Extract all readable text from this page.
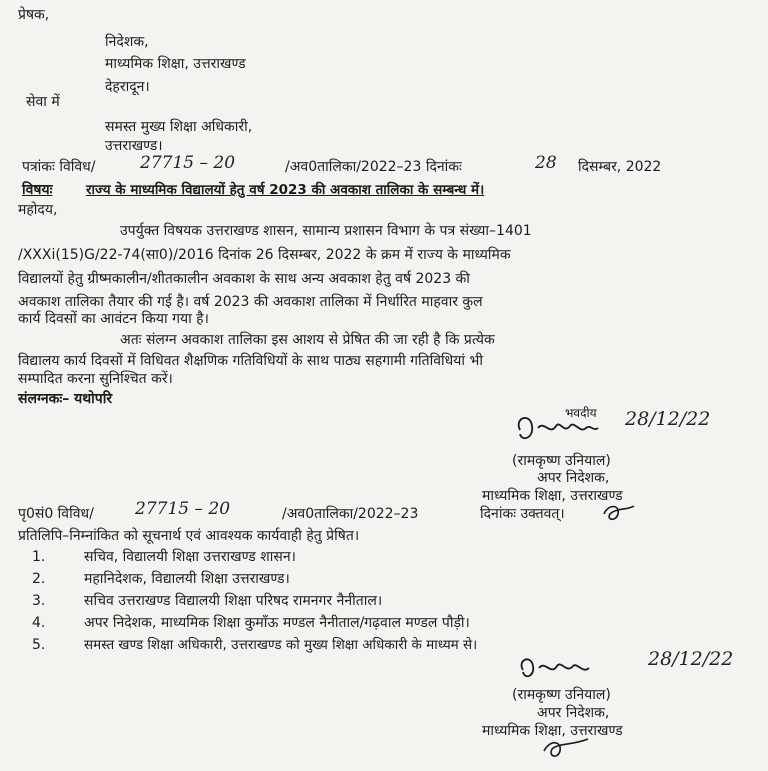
प्रेषक,
निदेशक,
माध्यमिक शिक्षा, उत्तराखण्ड
देहरादून।
सेवा में
समस्त मुख्य शिक्षा अधिकारी,
उत्तराखण्ड।
पत्रांकः विविध/	27715 – 20	/अव0तालिका/2022–23 दिनांकः	28 दिसम्बर, 2022
विषयः राज्य के माध्यमिक विद्यालयों हेतु वर्ष 2023 की अवकाश तालिका के सम्बन्ध में।
महोदय,
उपर्युक्त विषयक उत्तराखण्ड शासन, सामान्य प्रशासन विभाग के पत्र संख्या–1401
/XXXi(15)G/22-74(सा0)/2016 दिनांक 26 दिसम्बर, 2022 के क्रम में राज्य के माध्यमिक
विद्यालयों हेतु ग्रीष्मकालीन/शीतकालीन अवकाश के साथ अन्य अवकाश हेतु वर्ष 2023 की
अवकाश तालिका तैयार की गई है। वर्ष 2023 की अवकाश तालिका में निर्धारित माहवार कुल
कार्य दिवसों का आवंटन किया गया है।
अतः संलग्न अवकाश तालिका इस आशय से प्रेषित की जा रही है कि प्रत्येक
विद्यालय कार्य दिवसों में विधिवत शैक्षणिक गतिविधियों के साथ पाठ्य सहगामी गतिविधियां भी
सम्पादित करना सुनिश्चित करें।
संलग्नकः– यथोपरि
भवदीय 28/12/22
(रामकृष्ण उनियाल)
अपर निदेशक,
माध्यमिक शिक्षा, उत्तराखण्ड
पृ0सं0 विविध/ 27715 – 20	/अव0तालिका/2022–23	दिनांकः उक्तवत्।
प्रतिलिपि–निम्नांकित को सूचनार्थ एवं आवश्यक कार्यवाही हेतु प्रेषित।
1.	सचिव, विद्यालयी शिक्षा उत्तराखण्ड शासन।
2.	महानिदेशक, विद्यालयी शिक्षा उत्तराखण्ड।
3.	सचिव उत्तराखण्ड विद्यालयी शिक्षा परिषद रामनगर नैनीताल।
4.	अपर निदेशक, माध्यमिक शिक्षा कुमाँऊ मण्डल नैनीताल/गढ़वाल मण्डल पौड़ी।
5.	समस्त खण्ड शिक्षा अधिकारी, उत्तराखण्ड को मुख्य शिक्षा अधिकारी के माध्यम से।
28/12/22
(रामकृष्ण उनियाल)
अपर निदेशक,
माध्यमिक शिक्षा, उत्तराखण्ड
